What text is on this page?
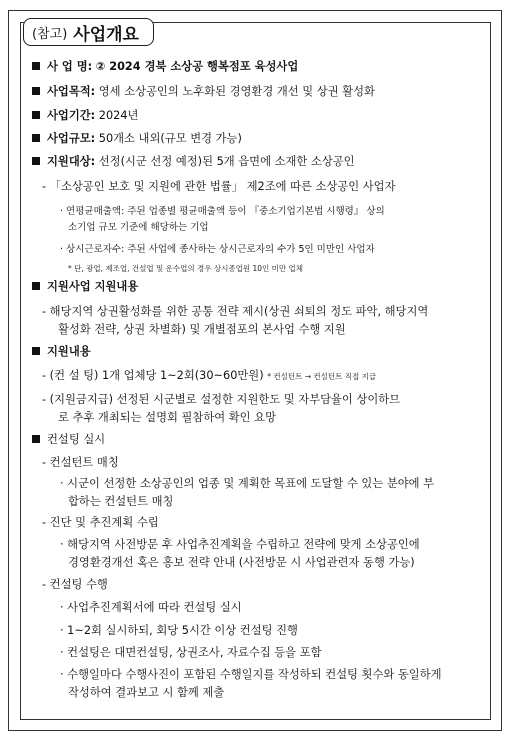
(참고) 사업개요
사 업 명: ② 2024 경북 소상공 행복점포 육성사업
사업목적: 영세 소상공인의 노후화된 경영환경 개선 및 상권 활성화
사업기간: 2024년
사업규모: 50개소 내외(규모 변경 가능)
지원대상: 선정(시군 선정 예정)된 5개 읍면에 소재한 소상공인
- 「소상공인 보호 및 지원에 관한 법률」 제2조에 따른 소상공인 사업자
· 연평균매출액: 주된 업종별 평균매출액 등이 『중소기업기본법 시행령』 상의
소기업 규모 기준에 해당하는 기업
· 상시근로자수: 주된 사업에 종사하는 상시근로자의 수가 5인 미만인 사업자
* 단, 광업, 제조업, 건설업 및 운수업의 경우 상시종업원 10인 미만 업체
지원사업 지원내용
- 해당지역 상권활성화를 위한 공통 전략 제시(상권 쇠퇴의 정도 파악, 해당지역
활성화 전략, 상권 차별화) 및 개별점포의 본사업 수행 지원
지원내용
- (컨 설 팅) 1개 업체당 1~2회(30~60만원) * 컨설턴트 → 컨설턴트 직접 지급
- (지원금지급) 선정된 시군별로 설정한 지원한도 및 자부담율이 상이하므
로 추후 개최되는 설명회 필참하여 확인 요망
컨설팅 실시
- 컨설턴트 매칭
· 시군이 선정한 소상공인의 업종 및 계획한 목표에 도달할 수 있는 분야에 부
합하는 컨설턴트 매칭
- 진단 및 추진계획 수립
· 해당지역 사전방문 후 사업추진계획을 수립하고 전략에 맞게 소상공인에
경영환경개선 혹은 홍보 전략 안내 (사전방문 시 사업관련자 동행 가능)
- 컨설팅 수행
· 사업추진계획서에 따라 컨설팅 실시
· 1~2회 실시하되, 회당 5시간 이상 컨설팅 진행
· 컨설팅은 대면컨설팅, 상권조사, 자료수집 등을 포함
· 수행일마다 수행사진이 포함된 수행일지를 작성하되 컨설팅 횟수와 동일하게
작성하여 결과보고 시 함께 제출
